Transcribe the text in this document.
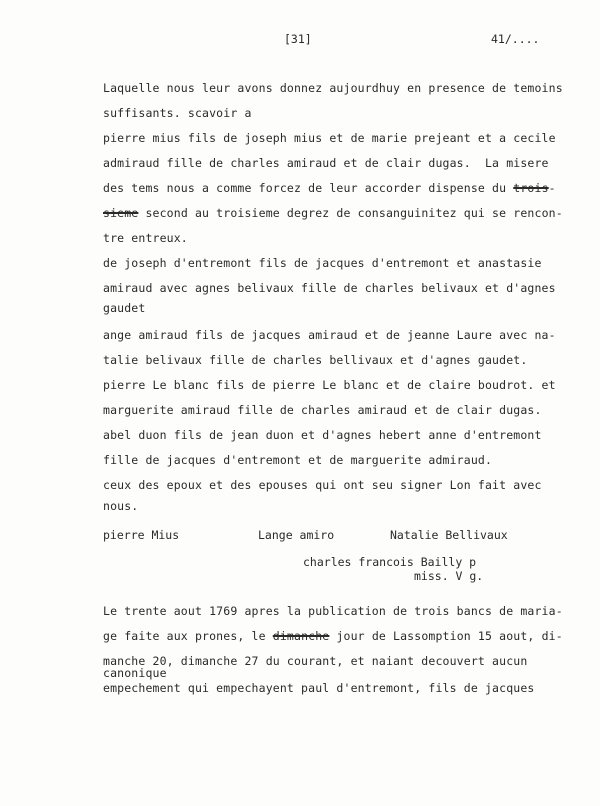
[31]	41/....
Laquelle nous leur avons donnez aujourdhuy en presence de temoins
suffisants. scavoir a
pierre mius fils de joseph mius et de marie prejeant et a cecile
admiraud fille de charles amiraud et de clair dugas.  La misere
des tems nous a comme forcez de leur accorder dispense du trois-
sieme second au troisieme degrez de consanguinitez qui se rencon-
tre entreux.
de joseph d'entremont fils de jacques d'entremont et anastasie
amiraud avec agnes belivaux fille de charles belivaux et d'agnes
gaudet
ange amiraud fils de jacques amiraud et de jeanne Laure avec na-
talie belivaux fille de charles bellivaux et d'agnes gaudet.
pierre Le blanc fils de pierre Le blanc et de claire boudrot. et
marguerite amiraud fille de charles amiraud et de clair dugas.
abel duon fils de jean duon et d'agnes hebert anne d'entremont
fille de jacques d'entremont et de marguerite admiraud.
ceux des epoux et des epouses qui ont seu signer Lon fait avec
nous.
pierre Mius	Lange amiro	Natalie Bellivaux
charles francois Bailly p
miss. V g.
Le trente aout 1769 apres la publication de trois bancs de maria-
ge faite aux prones, le dimanche jour de Lassomption 15 aout, di-
manche 20, dimanche 27 du courant, et naiant decouvert aucun
canonique
empechement qui empechayent paul d'entremont, fils de jacques
